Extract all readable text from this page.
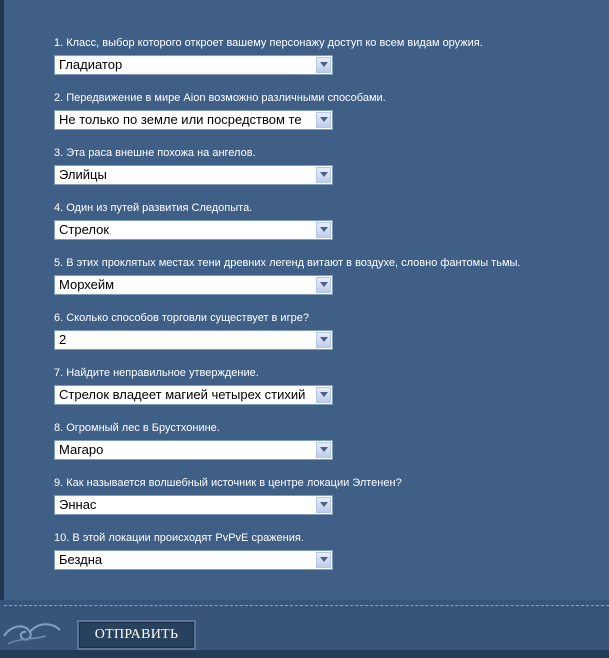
1. Класс, выбор которого откроет вашему персонажу доступ ко всем видам оружия.
Гладиатор
2. Передвижение в мире Aion возможно различными способами.
Не только по земле или посредством те
3. Эта раса внешне похожа на ангелов.
Элийцы
4. Один из путей развития Следопыта.
Стрелок
5. В этих проклятых местах тени древних легенд витают в воздухе, словно фантомы тьмы.
Морхейм
6. Сколько способов торговли существует в игре?
2
7. Найдите неправильное утверждение.
Стрелок владеет магией четырех стихий
8. Огромный лес в Брустхонине.
Магаро
9. Как называется волшебный источник в центре локации Элтенен?
Эннас
10. В этой локации происходят PvPvE сражения.
Бездна
ОТПРАВИТЬ
